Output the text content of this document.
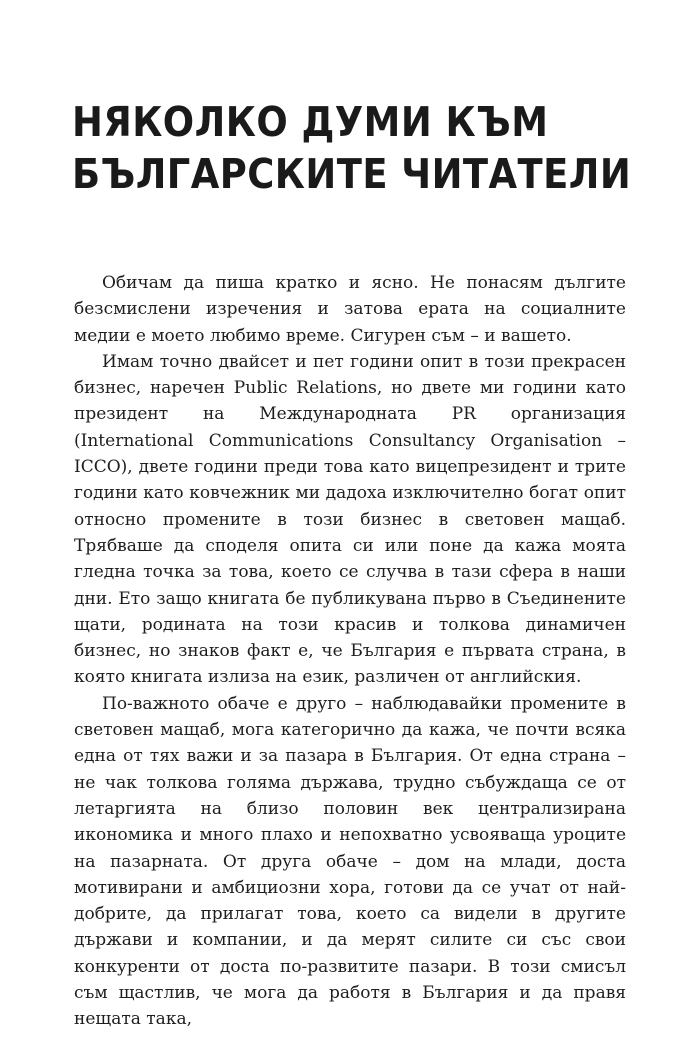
НЯКОЛКО ДУМИ КЪМ
БЪЛГАРСКИТЕ ЧИТАТЕЛИ

Обичам да пиша кратко и ясно. Не понасям дългите безсмислени изречения и затова ерата на социалните медии е моето любимо време. Сигурен съм – и вашето.

Имам точно двайсет и пет години опит в този прекрасен бизнес, наречен Public Relations, но двете ми години като президент на Международната PR организация (International Communications Consultancy Organisation – ICCO), двете години преди това като вицепрезидент и трите години като ковчежник ми дадоха изключително богат опит относно промените в този бизнес в световен мащаб. Трябваше да споделя опита си или поне да кажа моята гледна точка за това, което се случва в тази сфера в наши дни. Ето защо книгата бе публикувана първо в Съединените щати, родината на този красив и толкова динамичен бизнес, но знаков факт е, че България е първата страна, в която книгата излиза на език, различен от английския.

По-важното обаче е друго – наблюдавайки промените в световен мащаб, мога категорично да кажа, че почти всяка една от тях важи и за пазара в България. От една страна – не чак толкова голяма държава, трудно събуждаща се от летаргията на близо половин век централизирана икономика и много плахо и непохватно усвояваща уроците на пазарната. От друга обаче – дом на млади, доста мотивирани и амбициозни хора, готови да се учат от най-добрите, да прилагат това, което са видели в другите държави и компании, и да мерят силите си със свои конкуренти от доста по-развитите пазари. В този смисъл съм щастлив, че мога да работя в България и да правя нещата така,
